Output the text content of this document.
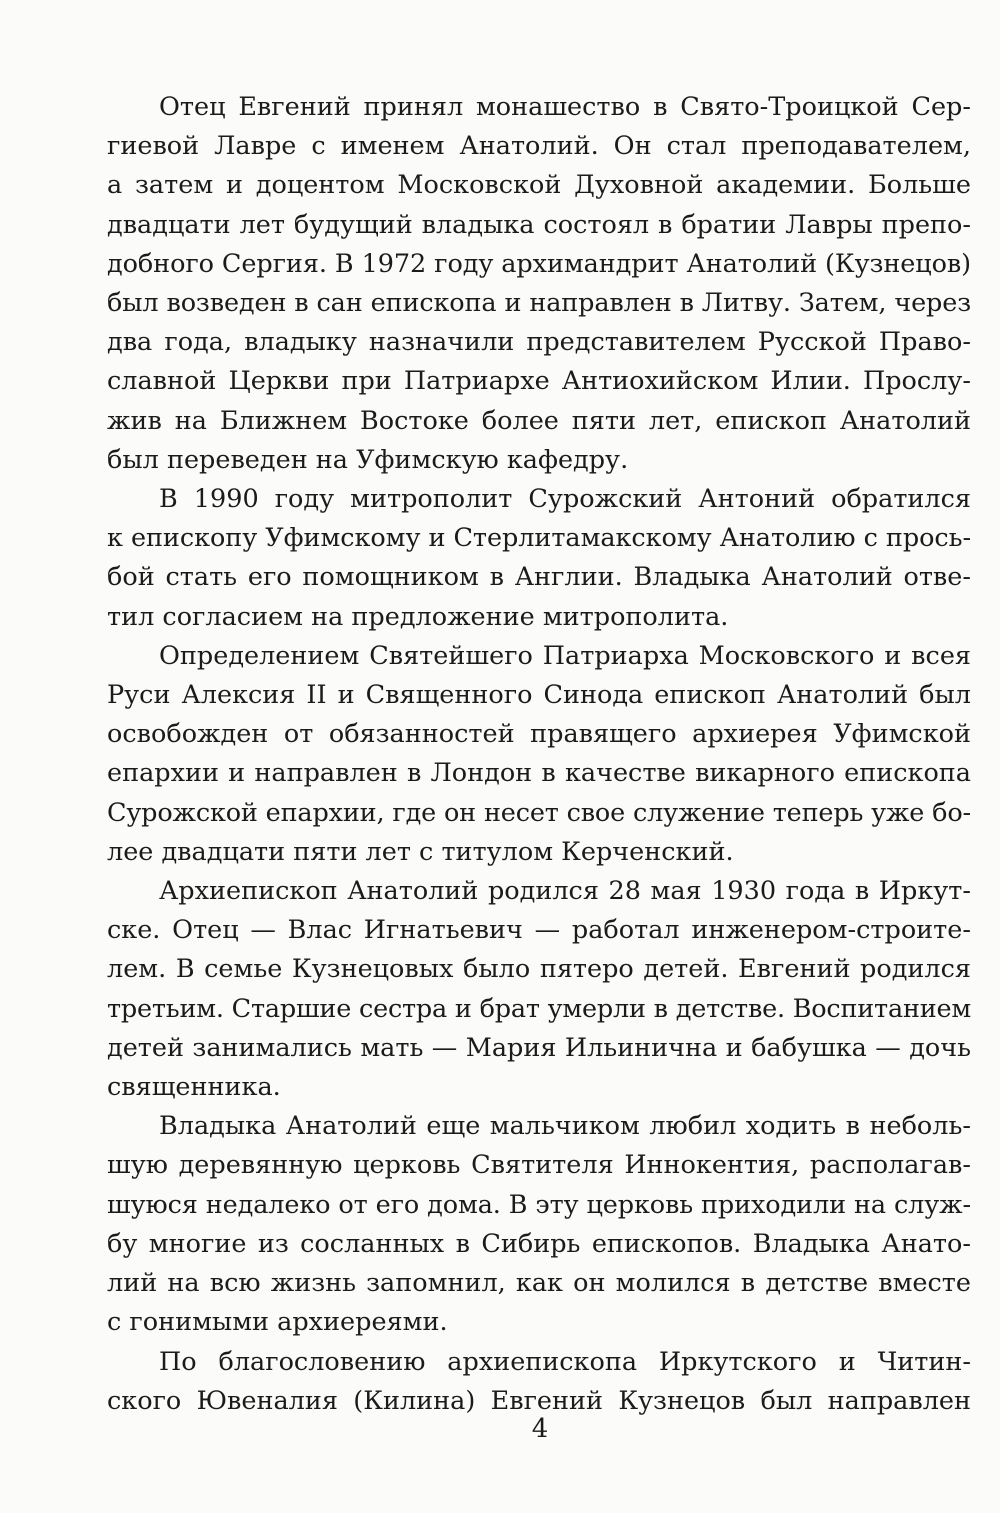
Отец Евгений принял монашество в Свято-Троицкой Сер-
гиевой Лавре с именем Анатолий. Он стал преподавателем,
а затем и доцентом Московской Духовной академии. Больше
двадцати лет будущий владыка состоял в братии Лавры препо-
добного Сергия. В 1972 году архимандрит Анатолий (Кузнецов)
был возведен в сан епископа и направлен в Литву. Затем, через
два года, владыку назначили представителем Русской Право-
славной Церкви при Патриархе Антиохийском Илии. Прослу-
жив на Ближнем Востоке более пяти лет, епископ Анатолий
был переведен на Уфимскую кафедру.
В 1990 году митрополит Сурожский Антоний обратился
к епископу Уфимскому и Стерлитамакскому Анатолию с прось-
бой стать его помощником в Англии. Владыка Анатолий отве-
тил согласием на предложение митрополита.
Определением Святейшего Патриарха Московского и всея
Руси Алексия II и Священного Синода епископ Анатолий был
освобожден от обязанностей правящего архиерея Уфимской
епархии и направлен в Лондон в качестве викарного епископа
Сурожской епархии, где он несет свое служение теперь уже бо-
лее двадцати пяти лет с титулом Керченский.
Архиепископ Анатолий родился 28 мая 1930 года в Иркут-
ске. Отец — Влас Игнатьевич — работал инженером-строите-
лем. В семье Кузнецовых было пятеро детей. Евгений родился
третьим. Старшие сестра и брат умерли в детстве. Воспитанием
детей занимались мать — Мария Ильинична и бабушка — дочь
священника.
Владыка Анатолий еще мальчиком любил ходить в неболь-
шую деревянную церковь Святителя Иннокентия, располагав-
шуюся недалеко от его дома. В эту церковь приходили на служ-
бу многие из сосланных в Сибирь епископов. Владыка Анато-
лий на всю жизнь запомнил, как он молился в детстве вместе
с гонимыми архиереями.
По благословению архиепископа Иркутского и Читин-
ского Ювеналия (Килина) Евгений Кузнецов был направлен
4
